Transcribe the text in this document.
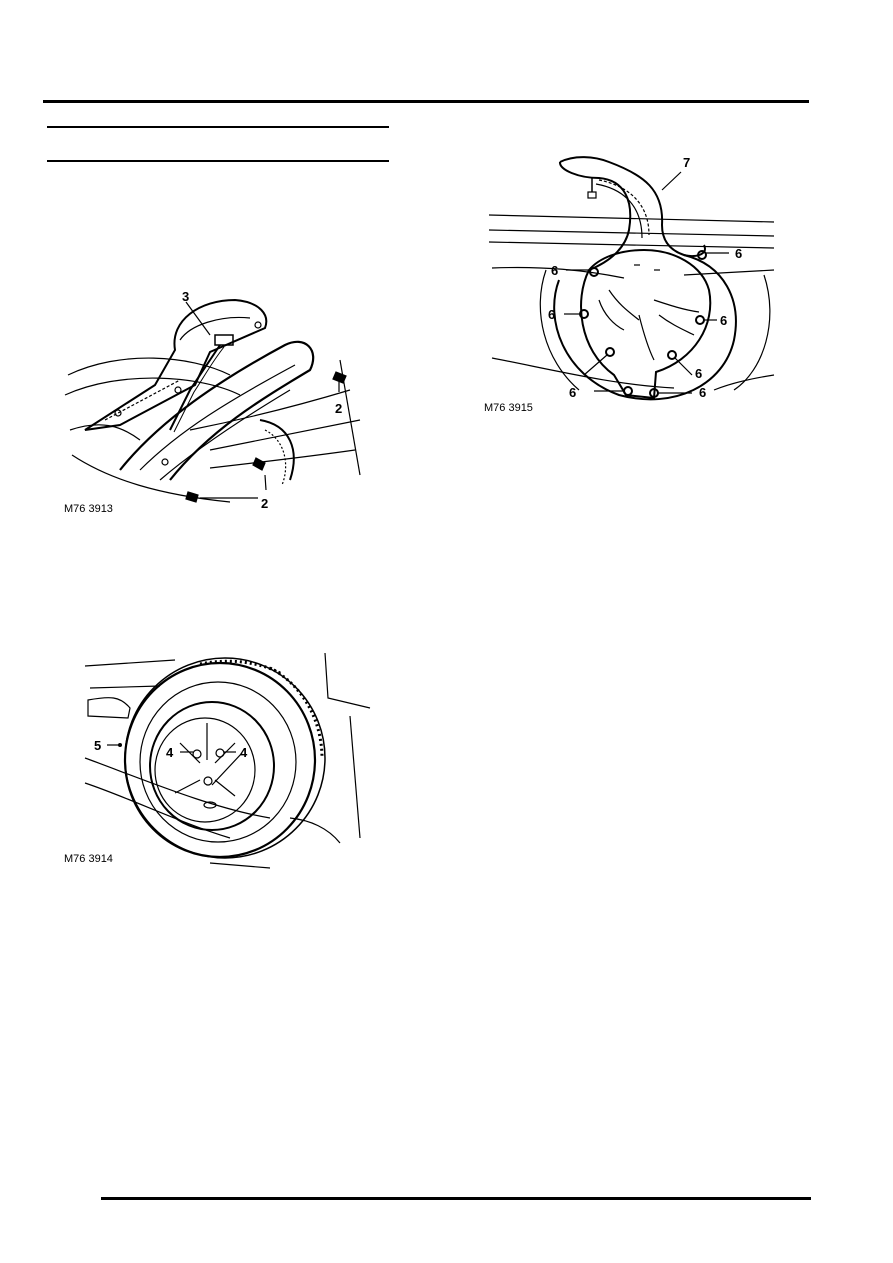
3
2
2
M76 3913
5	4	4
M76 3914
7
6
6
6	6
6
6
6
M76 3915
